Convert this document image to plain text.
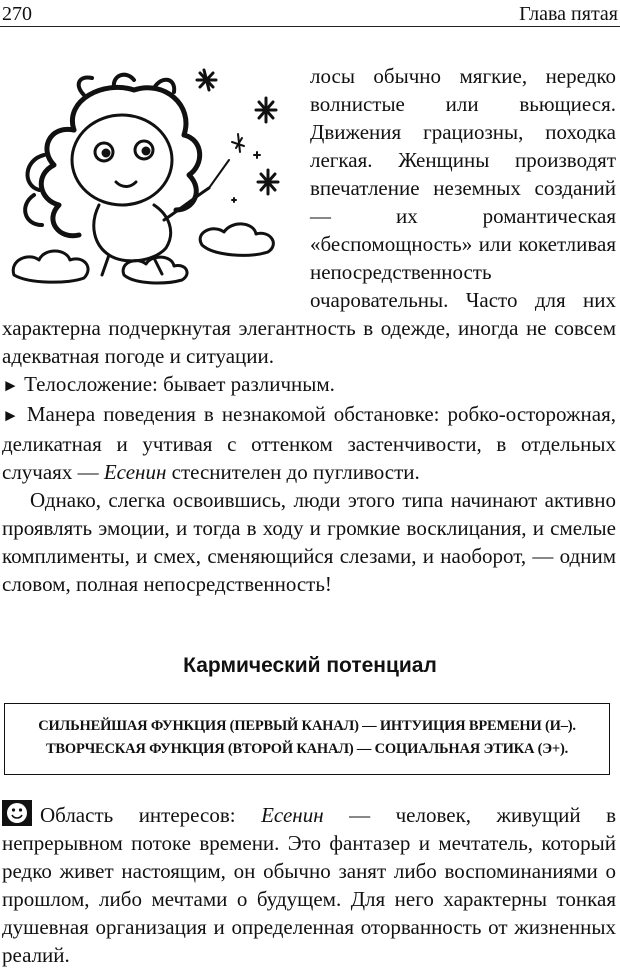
270	Глава пятая

лосы обычно мягкие, нередко волнистые или вьющиеся. Движения грациозны, походка легкая. Женщины производят впечатление неземных созданий — их романтическая «беспомощность» или кокетливая непосредственность очаровательны. Часто для них характерна подчеркнутая элегантность в одежде, иногда не совсем адекватная погоде и ситуации.

► Телосложение: бывает различным.

► Манера поведения в незнакомой обстановке: робко-осторожная, деликатная и учтивая с оттенком застенчивости, в отдельных случаях — Есенин стеснителен до пугливости.

Однако, слегка освоившись, люди этого типа начинают активно проявлять эмоции, и тогда в ходу и громкие восклицания, и смелые комплименты, и смех, сменяющийся слезами, и наоборот, — одним словом, полная непосредственность!

Кармический потенциал
СИЛЬНЕЙШАЯ ФУНКЦИЯ (ПЕРВЫЙ КАНАЛ) — ИНТУИЦИЯ ВРЕМЕНИ (И–).
ТВОРЧЕСКАЯ ФУНКЦИЯ (ВТОРОЙ КАНАЛ) — СОЦИАЛЬНАЯ ЭТИКА (Э+).

Область интересов: Есенин — человек, живущий в непрерывном потоке времени. Это фантазер и мечтатель, который редко живет настоящим, он обычно занят либо воспоминаниями о прошлом, либо мечтами о будущем. Для него характерны тонкая душевная организация и определенная оторванность от жизненных реалий.
